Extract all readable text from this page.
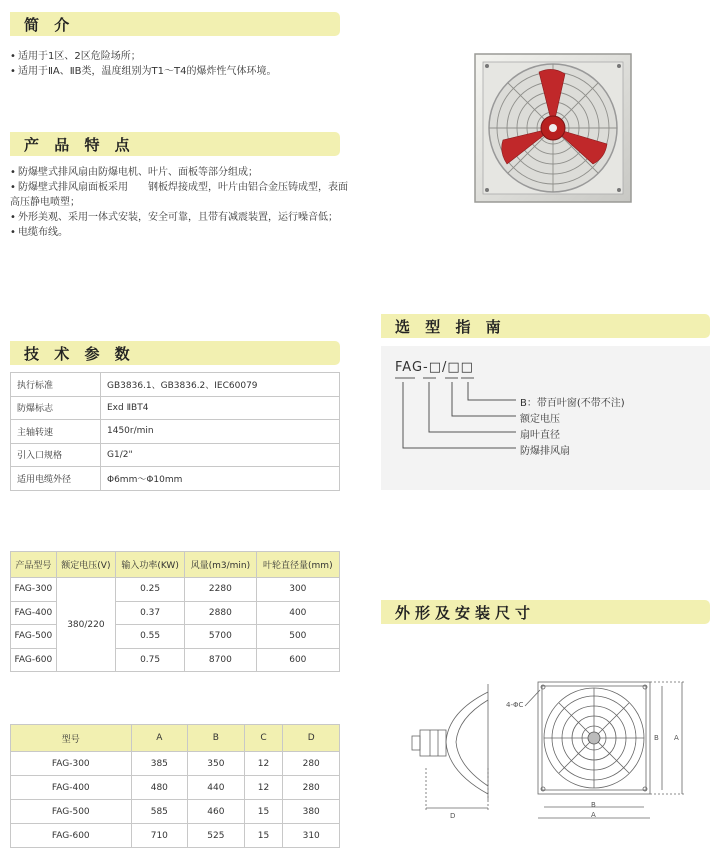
简 介
• 适用于1区、2区危险场所；
• 适用于ⅡA、ⅡB类，温度组别为T1～T4的爆炸性气体环境。
产 品 特 点
• 防爆壁式排风扇由防爆电机、叶片、面板等部分组成；
• 防爆壁式排风扇面板采用　　钢板焊接成型，叶片由铝合金压铸成型，表面
高压静电喷塑；
• 外形美观、采用一体式安装，安全可靠，且带有减震装置，运行噪音低；
• 电缆布线。
技 术 参 数
执行标准	GB3836.1、GB3836.2、IEC60079
防爆标志	Exd ⅡBT4
主轴转速	1450r/min
引入口规格	G1/2"
适用电缆外径	Φ6mm～Φ10mm
产品型号	额定电压(V)	输入功率(KW)	风量(m3/min)	叶轮直径量(mm)
FAG-300	380/220	0.25	2280	300
FAG-400		0.37	2880	400
FAG-500		0.55	5700	500
FAG-600		0.75	8700	600
型号	A	B	C	D
FAG-300	385	350	12	280
FAG-400	480	440	12	280
FAG-500	585	460	15	380
FAG-600	710	525	15	310
选 型 指 南
FAG-□/□□
B：带百叶窗(不带不注)
额定电压
扇叶直径
防爆排风扇
外形及安装尺寸
D
B
A
B A
4-ΦC
